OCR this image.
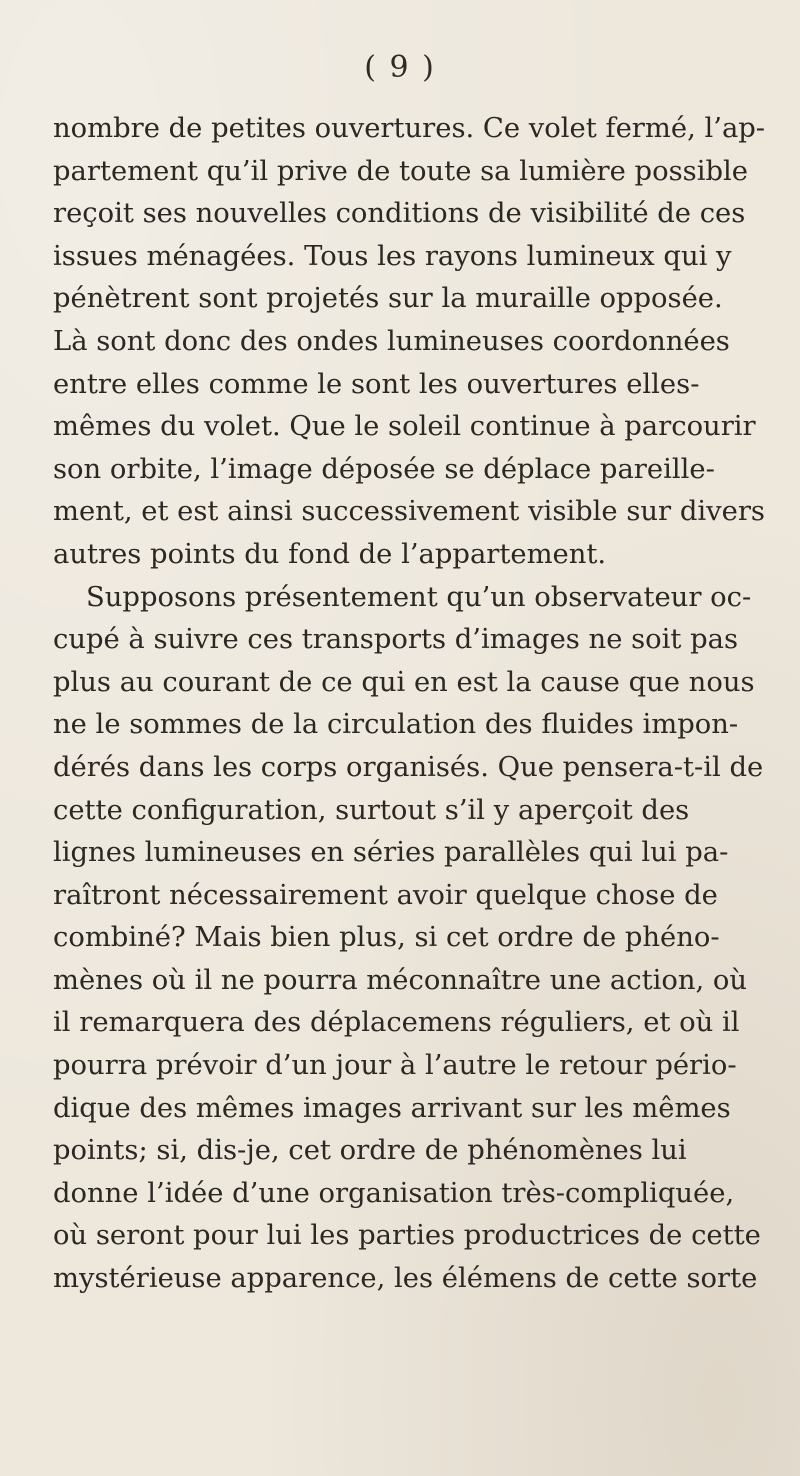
( 9 )
nombre de petites ouvertures. Ce volet fermé, l’ap-
partement qu’il prive de toute sa lumière possible
reçoit ses nouvelles conditions de visibilité de ces
issues ménagées. Tous les rayons lumineux qui y
pénètrent sont projetés sur la muraille opposée.
Là sont donc des ondes lumineuses coordonnées
entre elles comme le sont les ouvertures elles-
mêmes du volet. Que le soleil continue à parcourir
son orbite, l’image déposée se déplace pareille-
ment, et est ainsi successivement visible sur divers
autres points du fond de l’appartement.
Supposons présentement qu’un observateur oc-
cupé à suivre ces transports d’images ne soit pas
plus au courant de ce qui en est la cause que nous
ne le sommes de la circulation des fluides impon-
dérés dans les corps organisés. Que pensera-t-il de
cette configuration, surtout s’il y aperçoit des
lignes lumineuses en séries parallèles qui lui pa-
raîtront nécessairement avoir quelque chose de
combiné? Mais bien plus, si cet ordre de phéno-
mènes où il ne pourra méconnaître une action, où
il remarquera des déplacemens réguliers, et où il
pourra prévoir d’un jour à l’autre le retour pério-
dique des mêmes images arrivant sur les mêmes
points; si, dis-je, cet ordre de phénomènes lui
donne l’idée d’une organisation très-compliquée,
où seront pour lui les parties productrices de cette
mystérieuse apparence, les élémens de cette sorte
